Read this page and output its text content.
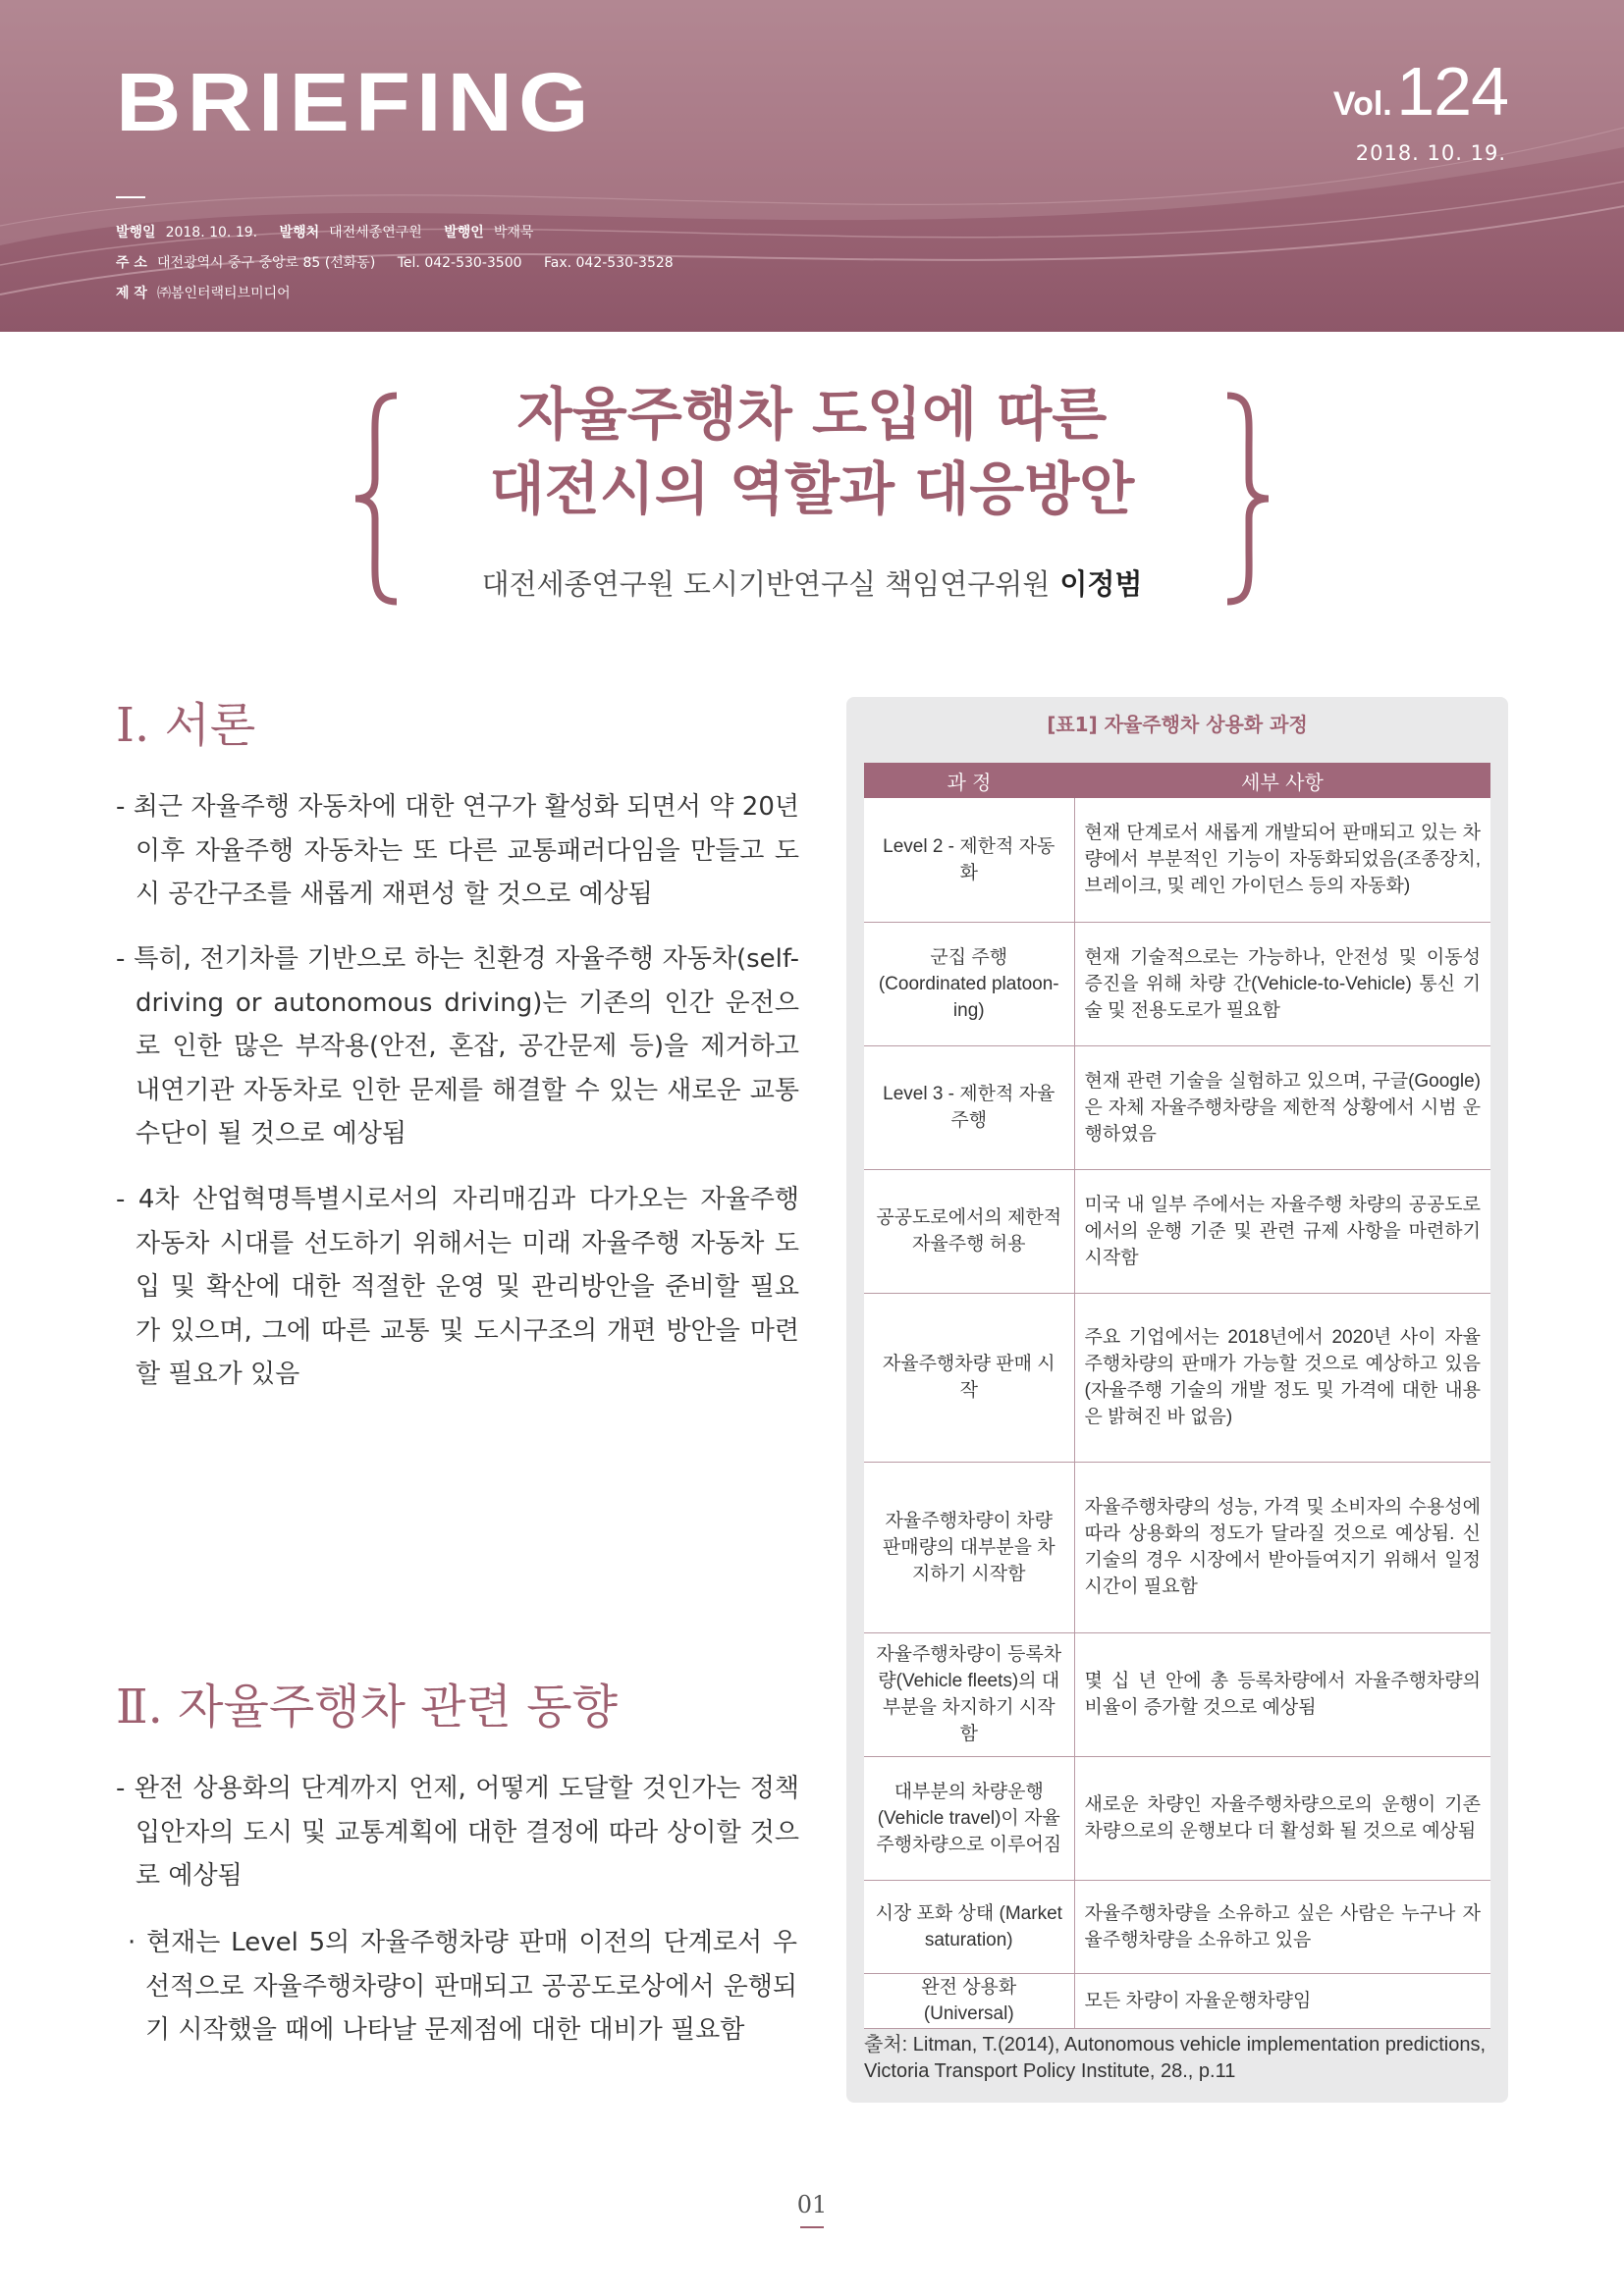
BRIEFING	Vol. 124
2018. 10. 19.
발행일 2018. 10. 19. 발행처 대전세종연구원 발행인 박재묵
주 소 대전광역시 중구 중앙로 85 (선화동) Tel. 042-530-3500 Fax. 042-530-3528
제 작 ㈜봄인터랙티브미디어
자율주행차 도입에 따른
대전시의 역할과 대응방안
대전세종연구원 도시기반연구실 책임연구위원 이정범
Ⅰ. 서론
- 최근 자율주행 자동차에 대한 연구가 활성화 되면서 약 20년 이후 자율주행 자동차는 또 다른 교통패러다임을 만들고 도시 공간구조를 새롭게 재편성 할 것으로 예상됨
- 특히, 전기차를 기반으로 하는 친환경 자율주행 자동차(self-driving or autonomous driving)는 기존의 인간 운전으로 인한 많은 부작용(안전, 혼잡, 공간문제 등)을 제거하고 내연기관 자동차로 인한 문제를 해결할 수 있는 새로운 교통수단이 될 것으로 예상됨
- 4차 산업혁명특별시로서의 자리매김과 다가오는 자율주행 자동차 시대를 선도하기 위해서는 미래 자율주행 자동차 도입 및 확산에 대한 적절한 운영 및 관리방안을 준비할 필요가 있으며, 그에 따른 교통 및 도시구조의 개편 방안을 마련할 필요가 있음
Ⅱ. 자율주행차 관련 동향
- 완전 상용화의 단계까지 언제, 어떻게 도달할 것인가는 정책 입안자의 도시 및 교통계획에 대한 결정에 따라 상이할 것으로 예상됨
· 현재는 Level 5의 자율주행차량 판매 이전의 단계로서 우선적으로 자율주행차량이 판매되고 공공도로상에서 운행되기 시작했을 때에 나타날 문제점에 대한 대비가 필요함
[표1] 자율주행차 상용화 과정
과 정	세부 사항
Level 2 - 제한적 자동화	현재 단계로서 새롭게 개발되어 판매되고 있는 차량에서 부분적인 기능이 자동화되었음(조종장치, 브레이크, 및 레인 가이던스 등의 자동화)
군집 주행 (Coordinated platoon-ing)	현재 기술적으로는 가능하나, 안전성 및 이동성 증진을 위해 차량 간(Vehicle-to-Vehicle) 통신 기술 및 전용도로가 필요함
Level 3 - 제한적 자율주행	현재 관련 기술을 실험하고 있으며, 구글(Google)은 자체 자율주행차량을 제한적 상황에서 시범 운행하였음
공공도로에서의 제한적 자율주행 허용	미국 내 일부 주에서는 자율주행 차량의 공공도로에서의 운행 기준 및 관련 규제 사항을 마련하기 시작함
자율주행차량 판매 시작	주요 기업에서는 2018년에서 2020년 사이 자율주행차량의 판매가 가능할 것으로 예상하고 있음(자율주행 기술의 개발 정도 및 가격에 대한 내용은 밝혀진 바 없음)
자율주행차량이 차량 판매량의 대부분을 차지하기 시작함	자율주행차량의 성능, 가격 및 소비자의 수용성에 따라 상용화의 정도가 달라질 것으로 예상됨. 신기술의 경우 시장에서 받아들여지기 위해서 일정 시간이 필요함
자율주행차량이 등록차량(Vehicle fleets)의 대부분을 차지하기 시작함	몇 십 년 안에 총 등록차량에서 자율주행차량의 비율이 증가할 것으로 예상됨
대부분의 차량운행(Vehicle travel)이 자율주행차량으로 이루어짐	새로운 차량인 자율주행차량으로의 운행이 기존 차량으로의 운행보다 더 활성화 될 것으로 예상됨
시장 포화 상태 (Market saturation)	자율주행차량을 소유하고 싶은 사람은 누구나 자율주행차량을 소유하고 있음
완전 상용화 (Universal)	모든 차량이 자율운행차량임
출처: Litman, T.(2014), Autonomous vehicle implementation predictions, Victoria Transport Policy Institute, 28., p.11
01
